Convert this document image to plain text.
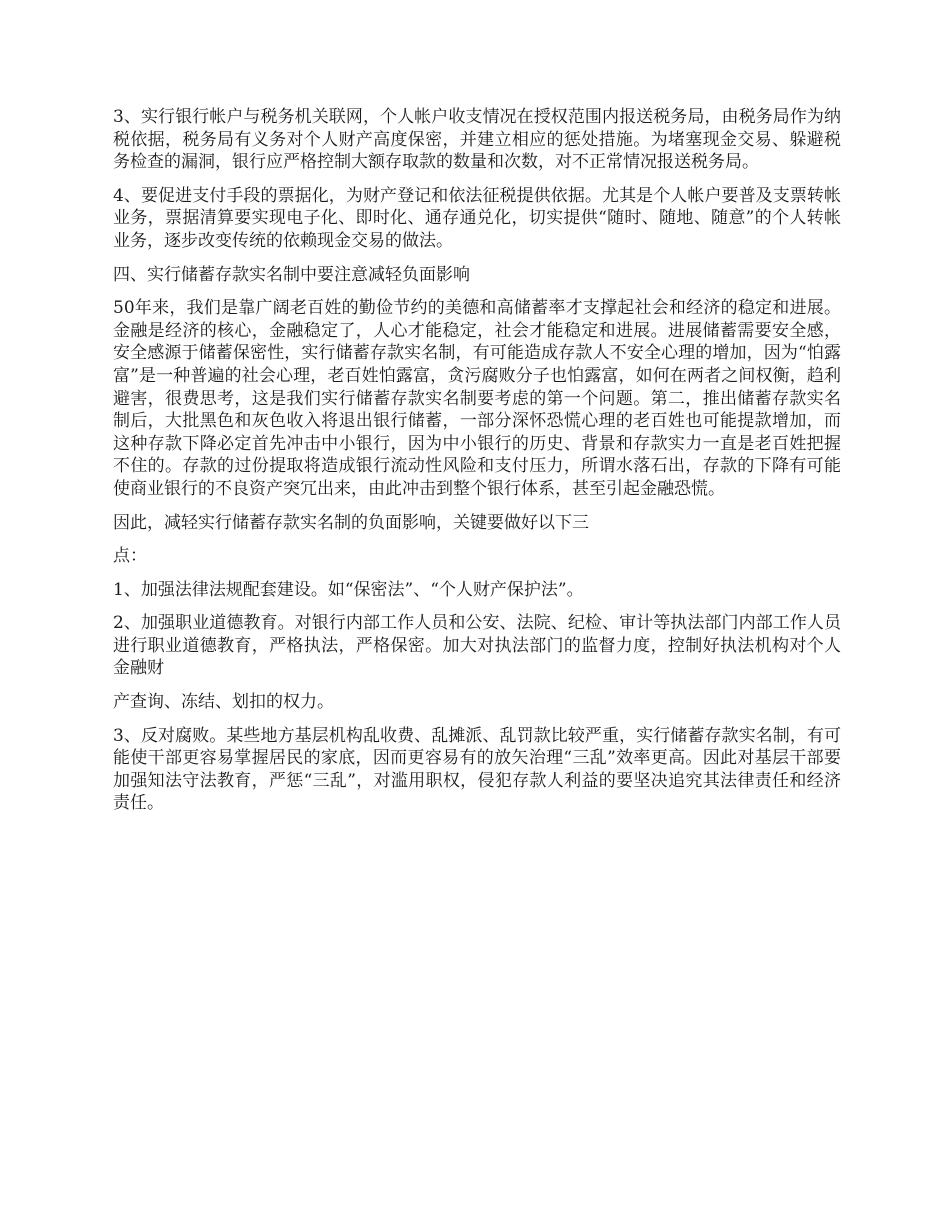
3、实行银行帐户与税务机关联网，个人帐户收支情况在授权范围内报送税务局，由税务局作为纳税依据，税务局有义务对个人财产高度保密，并建立相应的惩处措施。为堵塞现金交易、躲避税务检查的漏洞，银行应严格控制大额存取款的数量和次数，对不正常情况报送税务局。

4、要促进支付手段的票据化，为财产登记和依法征税提供依据。尤其是个人帐户要普及支票转帐业务，票据清算要实现电子化、即时化、通存通兑化，切实提供“随时、随地、随意”的个人转帐业务，逐步改变传统的依赖现金交易的做法。

四、实行储蓄存款实名制中要注意减轻负面影响

50年来，我们是靠广阔老百姓的勤俭节约的美德和高储蓄率才支撑起社会和经济的稳定和进展。金融是经济的核心，金融稳定了，人心才能稳定，社会才能稳定和进展。进展储蓄需要安全感，安全感源于储蓄保密性，实行储蓄存款实名制，有可能造成存款人不安全心理的增加，因为“怕露富”是一种普遍的社会心理，老百姓怕露富，贪污腐败分子也怕露富，如何在两者之间权衡，趋利避害，很费思考，这是我们实行储蓄存款实名制要考虑的第一个问题。第二，推出储蓄存款实名制后，大批黑色和灰色收入将退出银行储蓄，一部分深怀恐慌心理的老百姓也可能提款增加，而这种存款下降必定首先冲击中小银行，因为中小银行的历史、背景和存款实力一直是老百姓把握不住的。存款的过份提取将造成银行流动性风险和支付压力，所谓水落石出，存款的下降有可能使商业银行的不良资产突冗出来，由此冲击到整个银行体系，甚至引起金融恐慌。

因此，减轻实行储蓄存款实名制的负面影响，关键要做好以下三

点：

1、加强法律法规配套建设。如“保密法”、“个人财产保护法”。

2、加强职业道德教育。对银行内部工作人员和公安、法院、纪检、审计等执法部门内部工作人员进行职业道德教育，严格执法，严格保密。加大对执法部门的监督力度，控制好执法机构对个人金融财

产查询、冻结、划扣的权力。

3、反对腐败。某些地方基层机构乱收费、乱摊派、乱罚款比较严重，实行储蓄存款实名制，有可能使干部更容易掌握居民的家底，因而更容易有的放矢治理“三乱”效率更高。因此对基层干部要加强知法守法教育，严惩“三乱”，对滥用职权，侵犯存款人利益的要坚决追究其法律责任和经济责任。
